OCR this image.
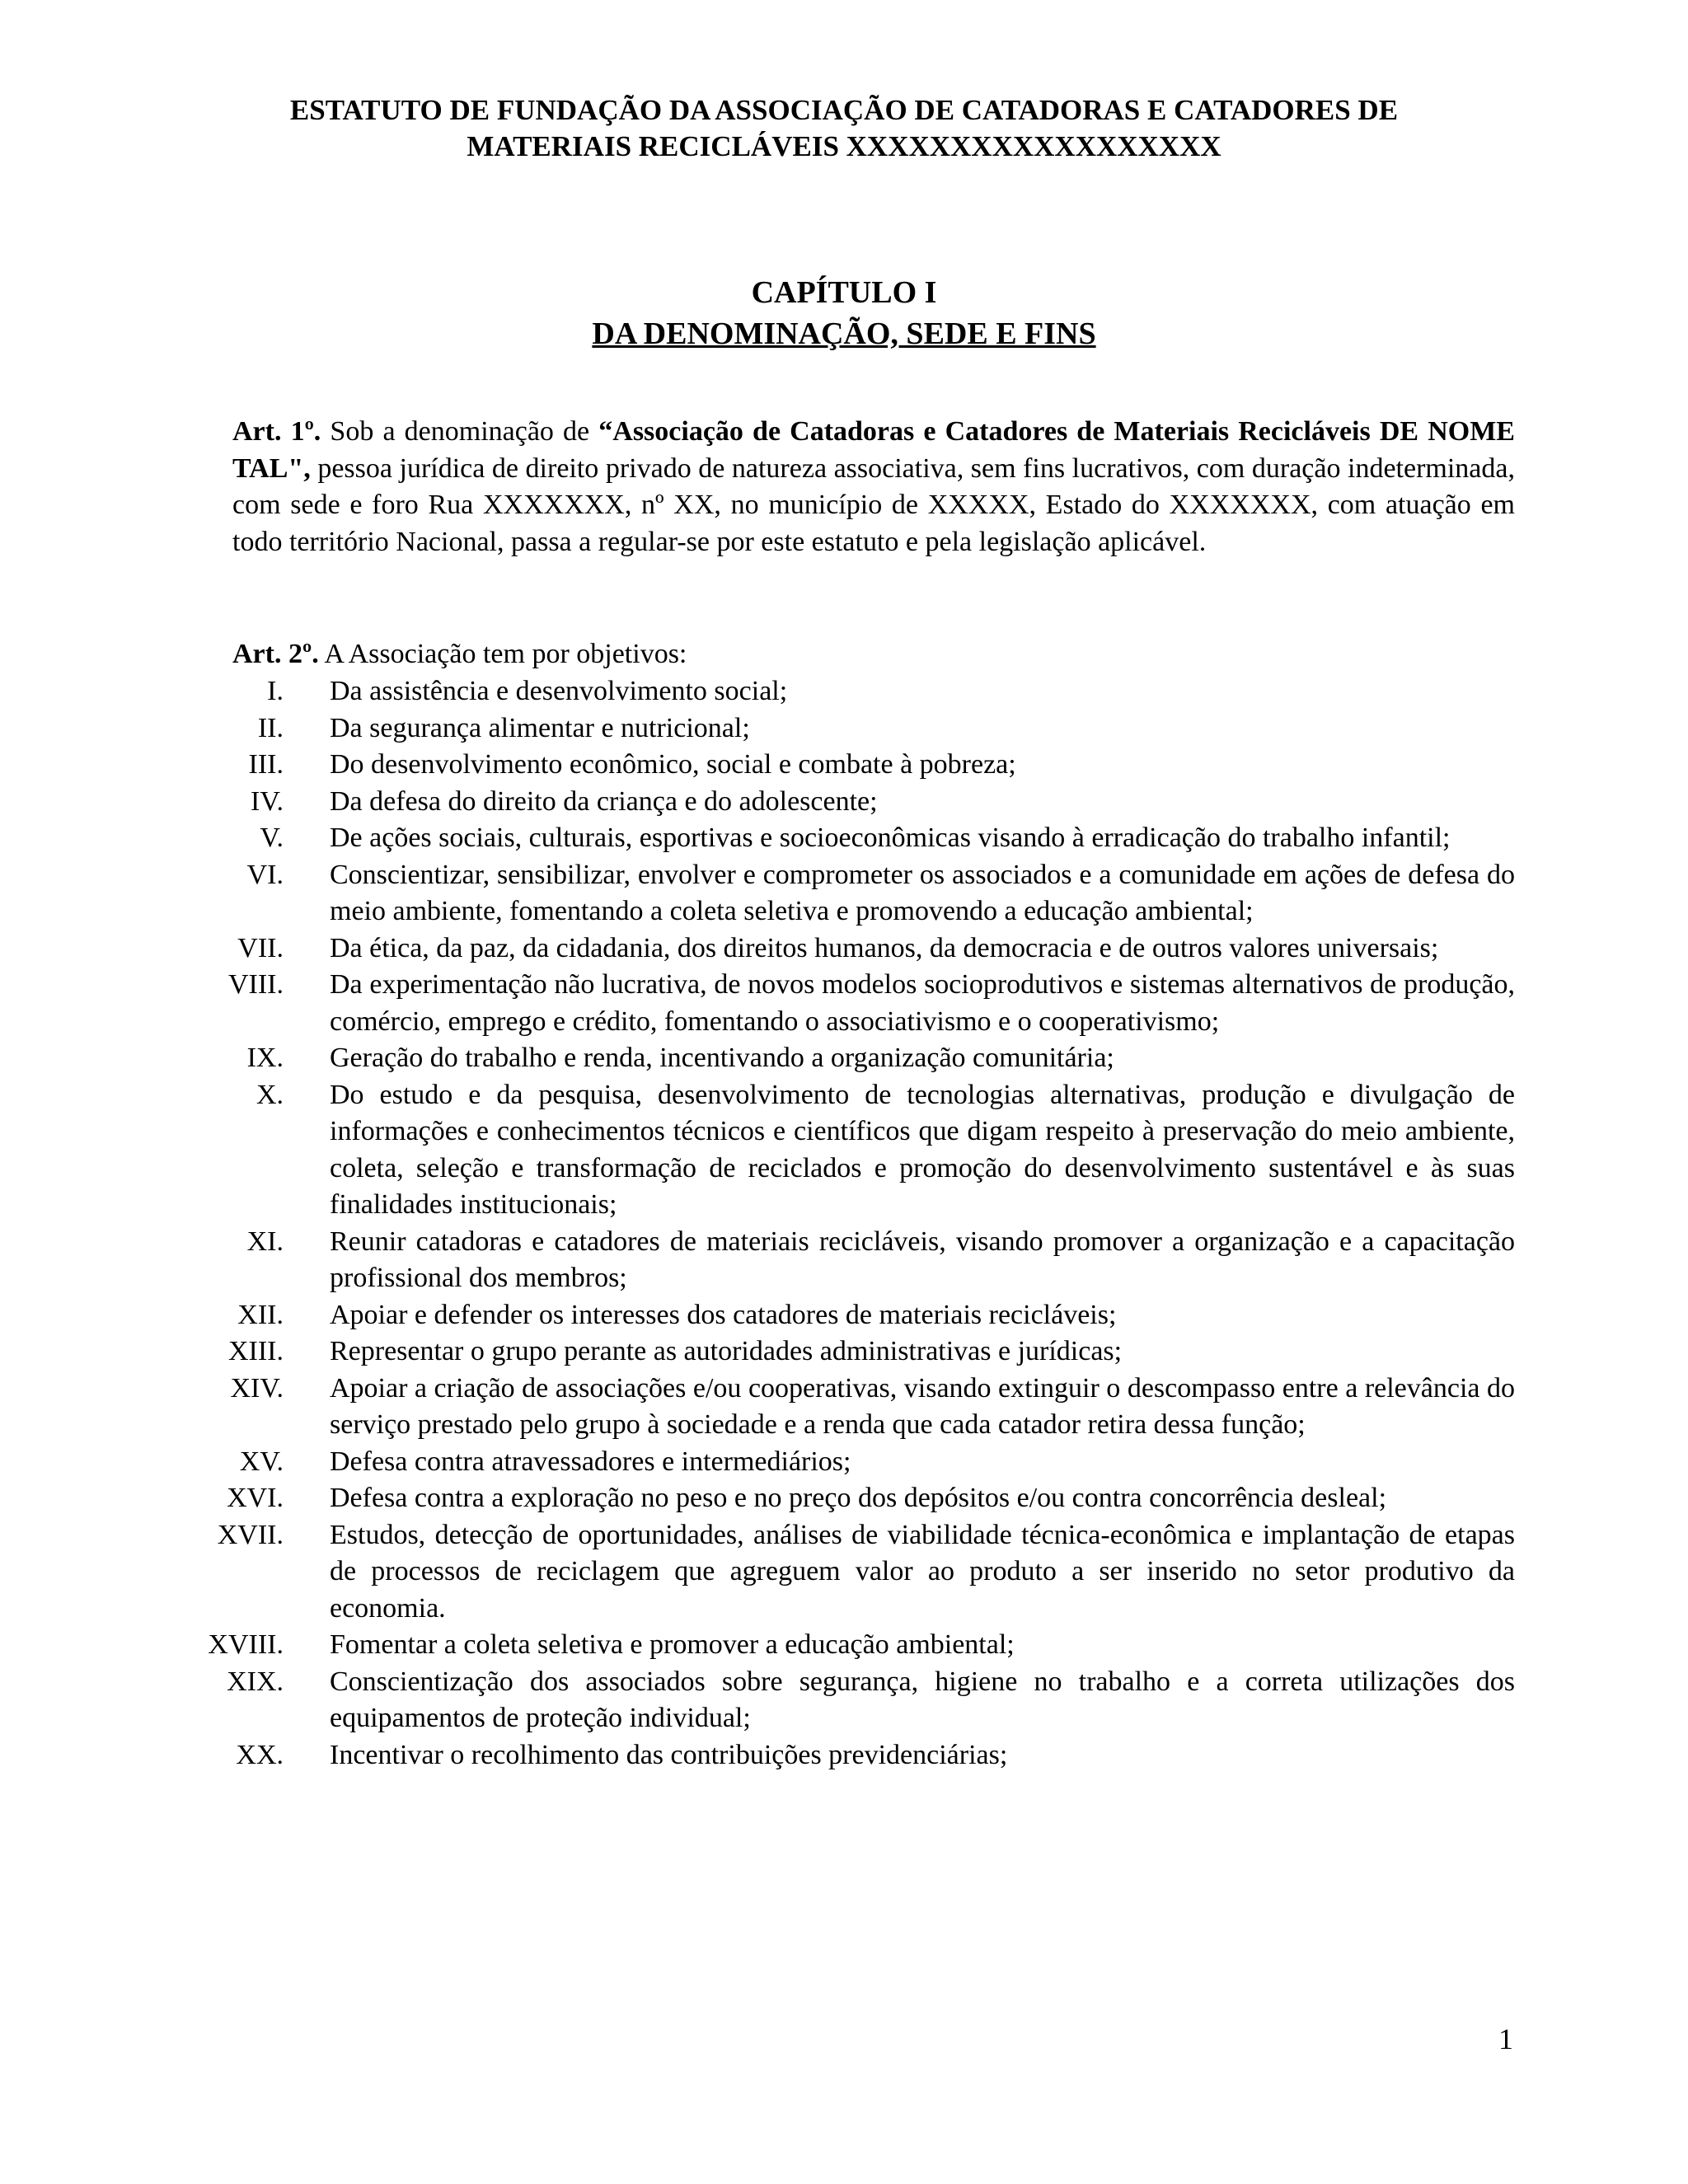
ESTATUTO DE FUNDAÇÃO DA ASSOCIAÇÃO DE CATADORAS E CATADORES DE
MATERIAIS RECICLÁVEIS XXXXXXXXXXXXXXXXXX
CAPÍTULO I
DA DENOMINAÇÃO, SEDE E FINS
Art. 1º. Sob a denominação de “Associação de Catadoras e Catadores de Materiais Recicláveis DE NOME TAL", pessoa jurídica de direito privado de natureza associativa, sem fins lucrativos, com duração indeterminada, com sede e foro Rua XXXXXXX, nº XX, no município de XXXXX, Estado do XXXXXXX, com atuação em todo território Nacional, passa a regular-se por este estatuto e pela legislação aplicável.
Art. 2º. A Associação tem por objetivos:
I. Da assistência e desenvolvimento social;
II. Da segurança alimentar e nutricional;
III. Do desenvolvimento econômico, social e combate à pobreza;
IV. Da defesa do direito da criança e do adolescente;
V. De ações sociais, culturais, esportivas e socioeconômicas visando à erradicação do trabalho infantil;
VI. Conscientizar, sensibilizar, envolver e comprometer os associados e a comunidade em ações de defesa do meio ambiente, fomentando a coleta seletiva e promovendo a educação ambiental;
VII. Da ética, da paz, da cidadania, dos direitos humanos, da democracia e de outros valores universais;
VIII. Da experimentação não lucrativa, de novos modelos socioprodutivos e sistemas alternativos de produção, comércio, emprego e crédito, fomentando o associativismo e o cooperativismo;
IX. Geração do trabalho e renda, incentivando a organização comunitária;
X. Do estudo e da pesquisa, desenvolvimento de tecnologias alternativas, produção e divulgação de informações e conhecimentos técnicos e científicos que digam respeito à preservação do meio ambiente, coleta, seleção e transformação de reciclados e promoção do desenvolvimento sustentável e às suas finalidades institucionais;
XI. Reunir catadoras e catadores de materiais recicláveis, visando promover a organização e a capacitação profissional dos membros;
XII. Apoiar e defender os interesses dos catadores de materiais recicláveis;
XIII. Representar o grupo perante as autoridades administrativas e jurídicas;
XIV. Apoiar a criação de associações e/ou cooperativas, visando extinguir o descompasso entre a relevância do serviço prestado pelo grupo à sociedade e a renda que cada catador retira dessa função;
XV. Defesa contra atravessadores e intermediários;
XVI. Defesa contra a exploração no peso e no preço dos depósitos e/ou contra concorrência desleal;
XVII. Estudos, detecção de oportunidades, análises de viabilidade técnica-econômica e implantação de etapas de processos de reciclagem que agreguem valor ao produto a ser inserido no setor produtivo da economia.
XVIII. Fomentar a coleta seletiva e promover a educação ambiental;
XIX. Conscientização dos associados sobre segurança, higiene no trabalho e a correta utilizações dos equipamentos de proteção individual;
XX. Incentivar o recolhimento das contribuições previdenciárias;
1
